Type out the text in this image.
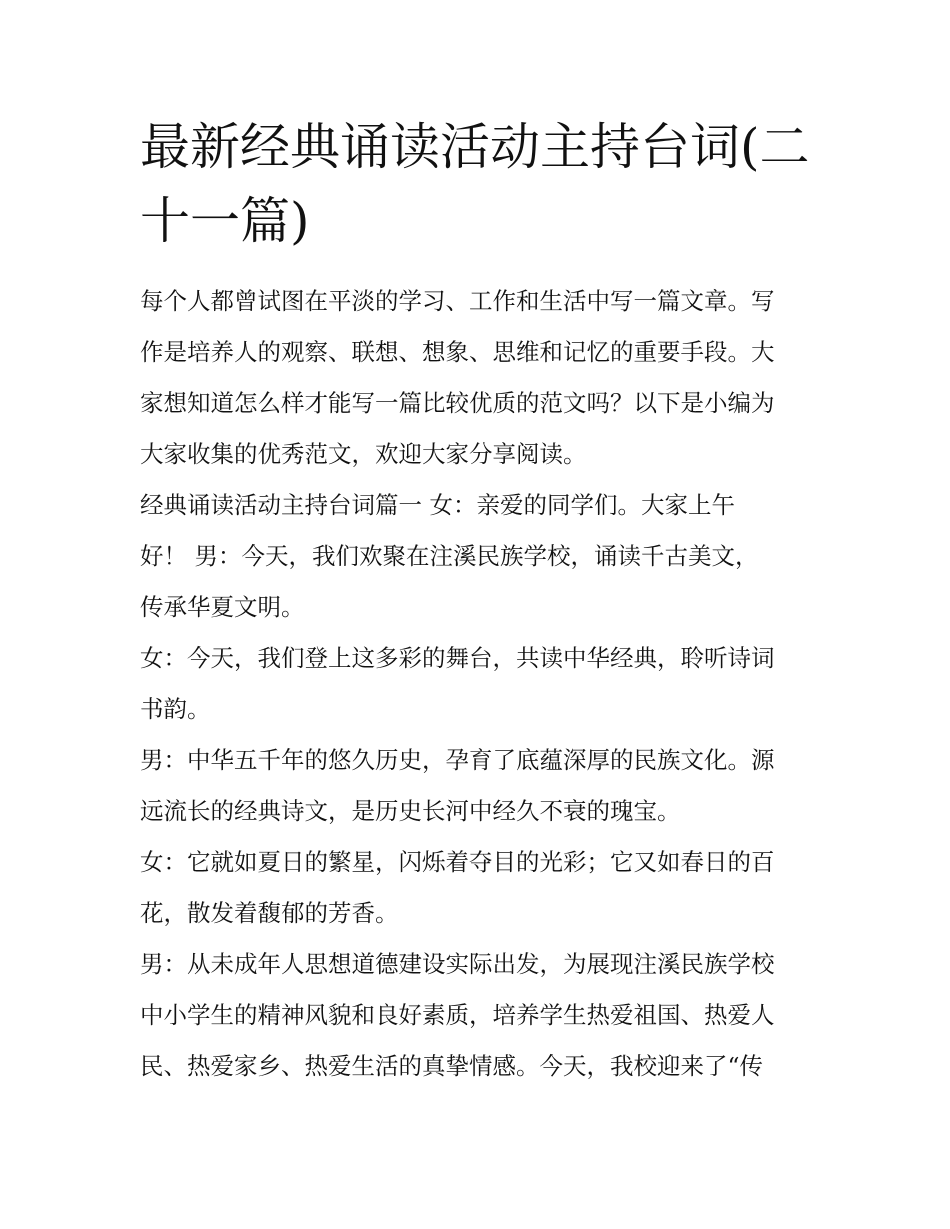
最新经典诵读活动主持台词(二
十一篇)

每个人都曾试图在平淡的学习、工作和生活中写一篇文章。写
作是培养人的观察、联想、想象、思维和记忆的重要手段。大
家想知道怎么样才能写一篇比较优质的范文吗？以下是小编为
大家收集的优秀范文，欢迎大家分享阅读。

经典诵读活动主持台词篇一 女：亲爱的同学们。大家上午
好！ 男：今天，我们欢聚在注溪民族学校，诵读千古美文，
传承华夏文明。

女：今天，我们登上这多彩的舞台，共读中华经典，聆听诗词
书韵。

男：中华五千年的悠久历史，孕育了底蕴深厚的民族文化。源
远流长的经典诗文，是历史长河中经久不衰的瑰宝。

女：它就如夏日的繁星，闪烁着夺目的光彩；它又如春日的百
花，散发着馥郁的芳香。

男：从未成年人思想道德建设实际出发，为展现注溪民族学校
中小学生的精神风貌和良好素质，培养学生热爱祖国、热爱人
民、热爱家乡、热爱生活的真挚情感。今天，我校迎来了“传
